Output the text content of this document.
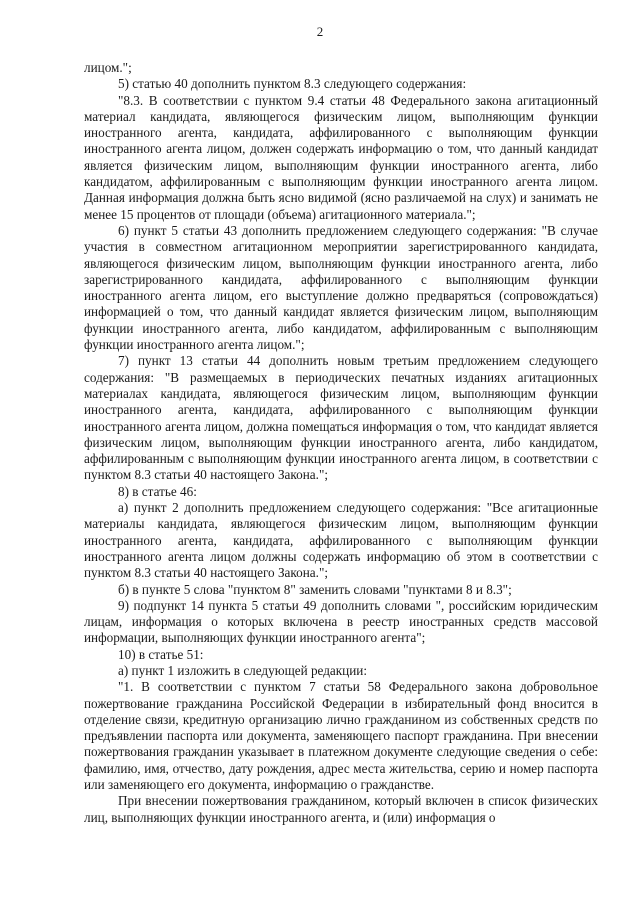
2

лицом.";

5) статью 40 дополнить пунктом 8.3 следующего содержания:

"8.3. В соответствии с пунктом 9.4 статьи 48 Федерального закона агитационный материал кандидата, являющегося физическим лицом, выполняющим функции иностранного агента, кандидата, аффилированного с выполняющим функции иностранного агента лицом, должен содержать информацию о том, что данный кандидат является физическим лицом, выполняющим функции иностранного агента, либо кандидатом, аффилированным с выполняющим функции иностранного агента лицом. Данная информация должна быть ясно видимой (ясно различаемой на слух) и занимать не менее 15 процентов от площади (объема) агитационного материала.";

6) пункт 5 статьи 43 дополнить предложением следующего содержания: "В случае участия в совместном агитационном мероприятии зарегистрированного кандидата, являющегося физическим лицом, выполняющим функции иностранного агента, либо зарегистрированного кандидата, аффилированного с выполняющим функции иностранного агента лицом, его выступление должно предваряться (сопровождаться) информацией о том, что данный кандидат является физическим лицом, выполняющим функции иностранного агента, либо кандидатом, аффилированным с выполняющим функции иностранного агента лицом.";

7) пункт 13 статьи 44 дополнить новым третьим предложением следующего содержания: "В размещаемых в периодических печатных изданиях агитационных материалах кандидата, являющегося физическим лицом, выполняющим функции иностранного агента, кандидата, аффилированного с выполняющим функции иностранного агента лицом, должна помещаться информация о том, что кандидат является физическим лицом, выполняющим функции иностранного агента, либо кандидатом, аффилированным с выполняющим функции иностранного агента лицом, в соответствии с пунктом 8.3 статьи 40 настоящего Закона.";

8) в статье 46:

а) пункт 2 дополнить предложением следующего содержания: "Все агитационные материалы кандидата, являющегося физическим лицом, выполняющим функции иностранного агента, кандидата, аффилированного с выполняющим функции иностранного агента лицом должны содержать информацию об этом в соответствии с пунктом 8.3 статьи 40 настоящего Закона.";

б) в пункте 5 слова "пунктом 8" заменить словами "пунктами 8 и 8.3";

9) подпункт 14 пункта 5 статьи 49 дополнить словами ", российским юридическим лицам, информация о которых включена в реестр иностранных средств массовой информации, выполняющих функции иностранного агента";

10) в статье 51:

а) пункт 1 изложить в следующей редакции:

"1. В соответствии с пунктом 7 статьи 58 Федерального закона добровольное пожертвование гражданина Российской Федерации в избирательный фонд вносится в отделение связи, кредитную организацию лично гражданином из собственных средств по предъявлении паспорта или документа, заменяющего паспорт гражданина. При внесении пожертвования гражданин указывает в платежном документе следующие сведения о себе: фамилию, имя, отчество, дату рождения, адрес места жительства, серию и номер паспорта или заменяющего его документа, информацию о гражданстве.

При внесении пожертвования гражданином, который включен в список физических лиц, выполняющих функции иностранного агента, и (или) информация о
